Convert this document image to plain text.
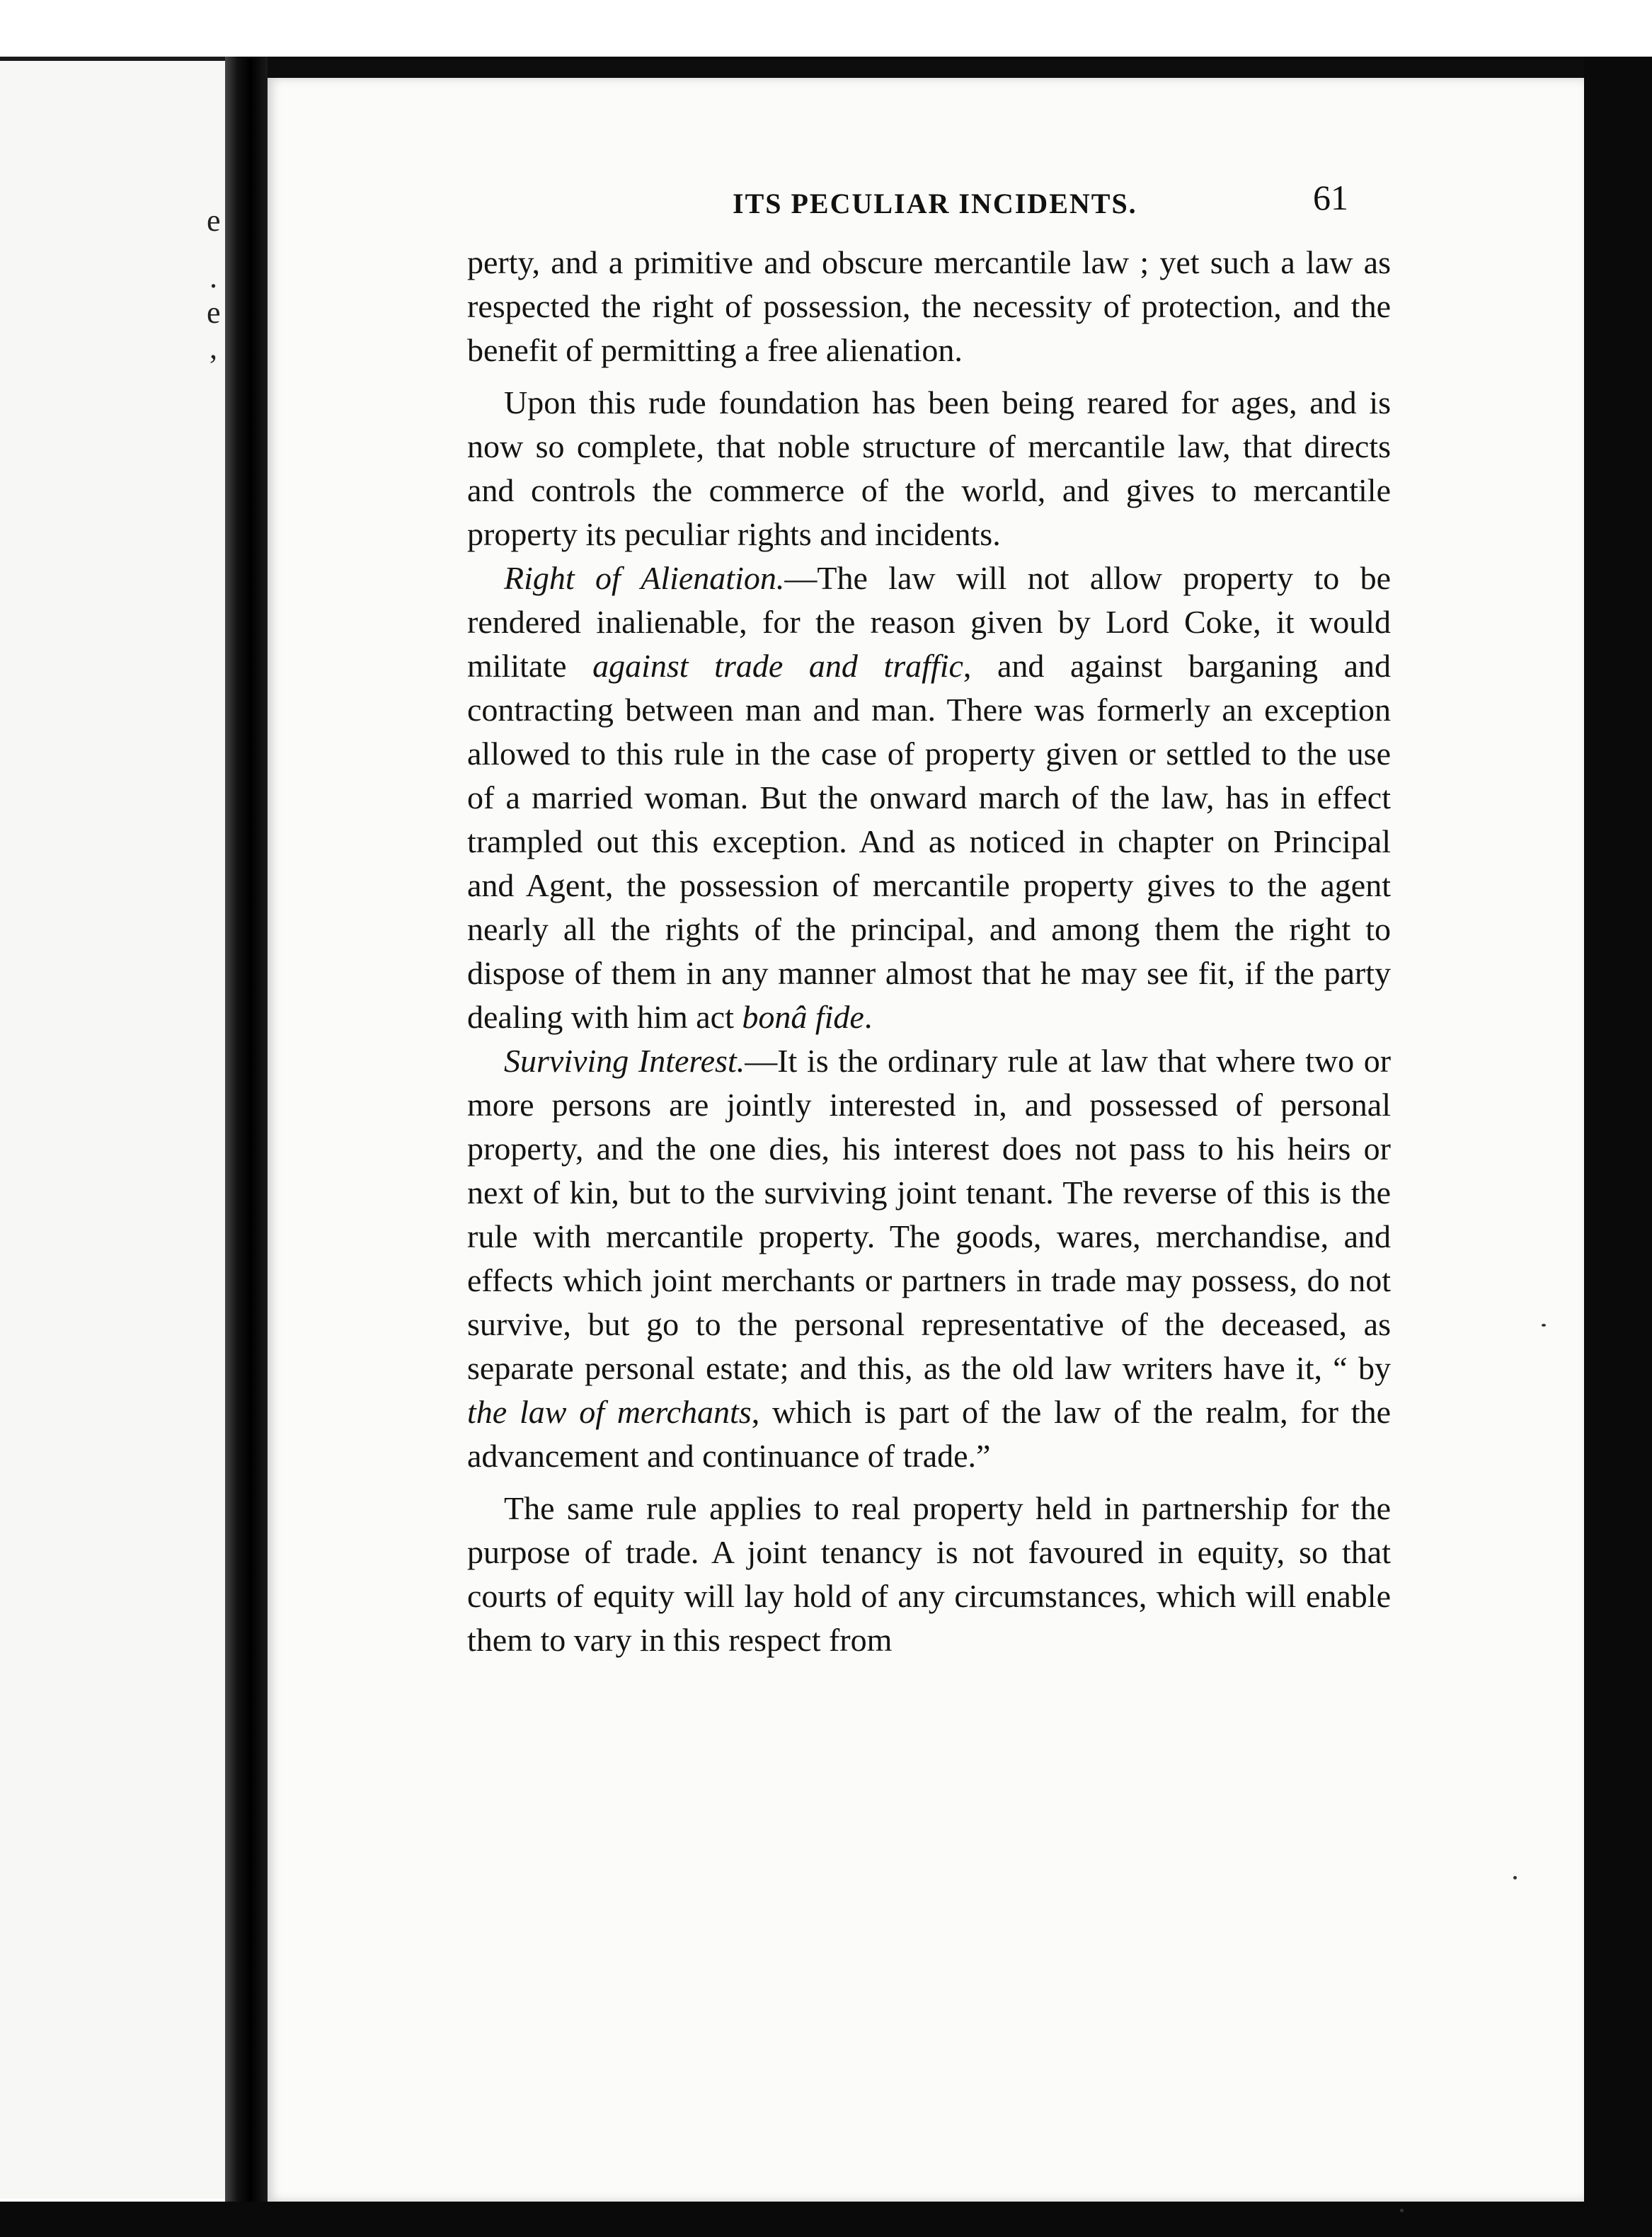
e
.
e
,
ITS PECULIAR INCIDENTS.	61

perty, and a primitive and obscure mercantile law ; yet such a law as respected the right of possession, the necessity of protection, and the benefit of permitting a free alienation.

Upon this rude foundation has been being reared for ages, and is now so complete, that noble structure of mercantile law, that directs and controls the commerce of the world, and gives to mercantile property its peculiar rights and incidents.

Right of Alienation.—The law will not allow property to be rendered inalienable, for the reason given by Lord Coke, it would militate against trade and traffic, and against barganing and contracting between man and man. There was formerly an exception allowed to this rule in the case of property given or settled to the use of a married woman. But the onward march of the law, has in effect trampled out this exception. And as noticed in chapter on Principal and Agent, the possession of mercantile property gives to the agent nearly all the rights of the principal, and among them the right to dispose of them in any manner almost that he may see fit, if the party dealing with him act bonâ fide.

Surviving Interest.—It is the ordinary rule at law that where two or more persons are jointly interested in, and possessed of personal property, and the one dies, his interest does not pass to his heirs or next of kin, but to the surviving joint tenant. The reverse of this is the rule with mercantile property. The goods, wares, merchandise, and effects which joint merchants or partners in trade may possess, do not survive, but go to the personal representative of the deceased, as separate personal estate; and this, as the old law writers have it, “ by the law of merchants, which is part of the law of the realm, for the advancement and continuance of trade.”

The same rule applies to real property held in partnership for the purpose of trade. A joint tenancy is not favoured in equity, so that courts of equity will lay hold of any circumstances, which will enable them to vary in this respect from
